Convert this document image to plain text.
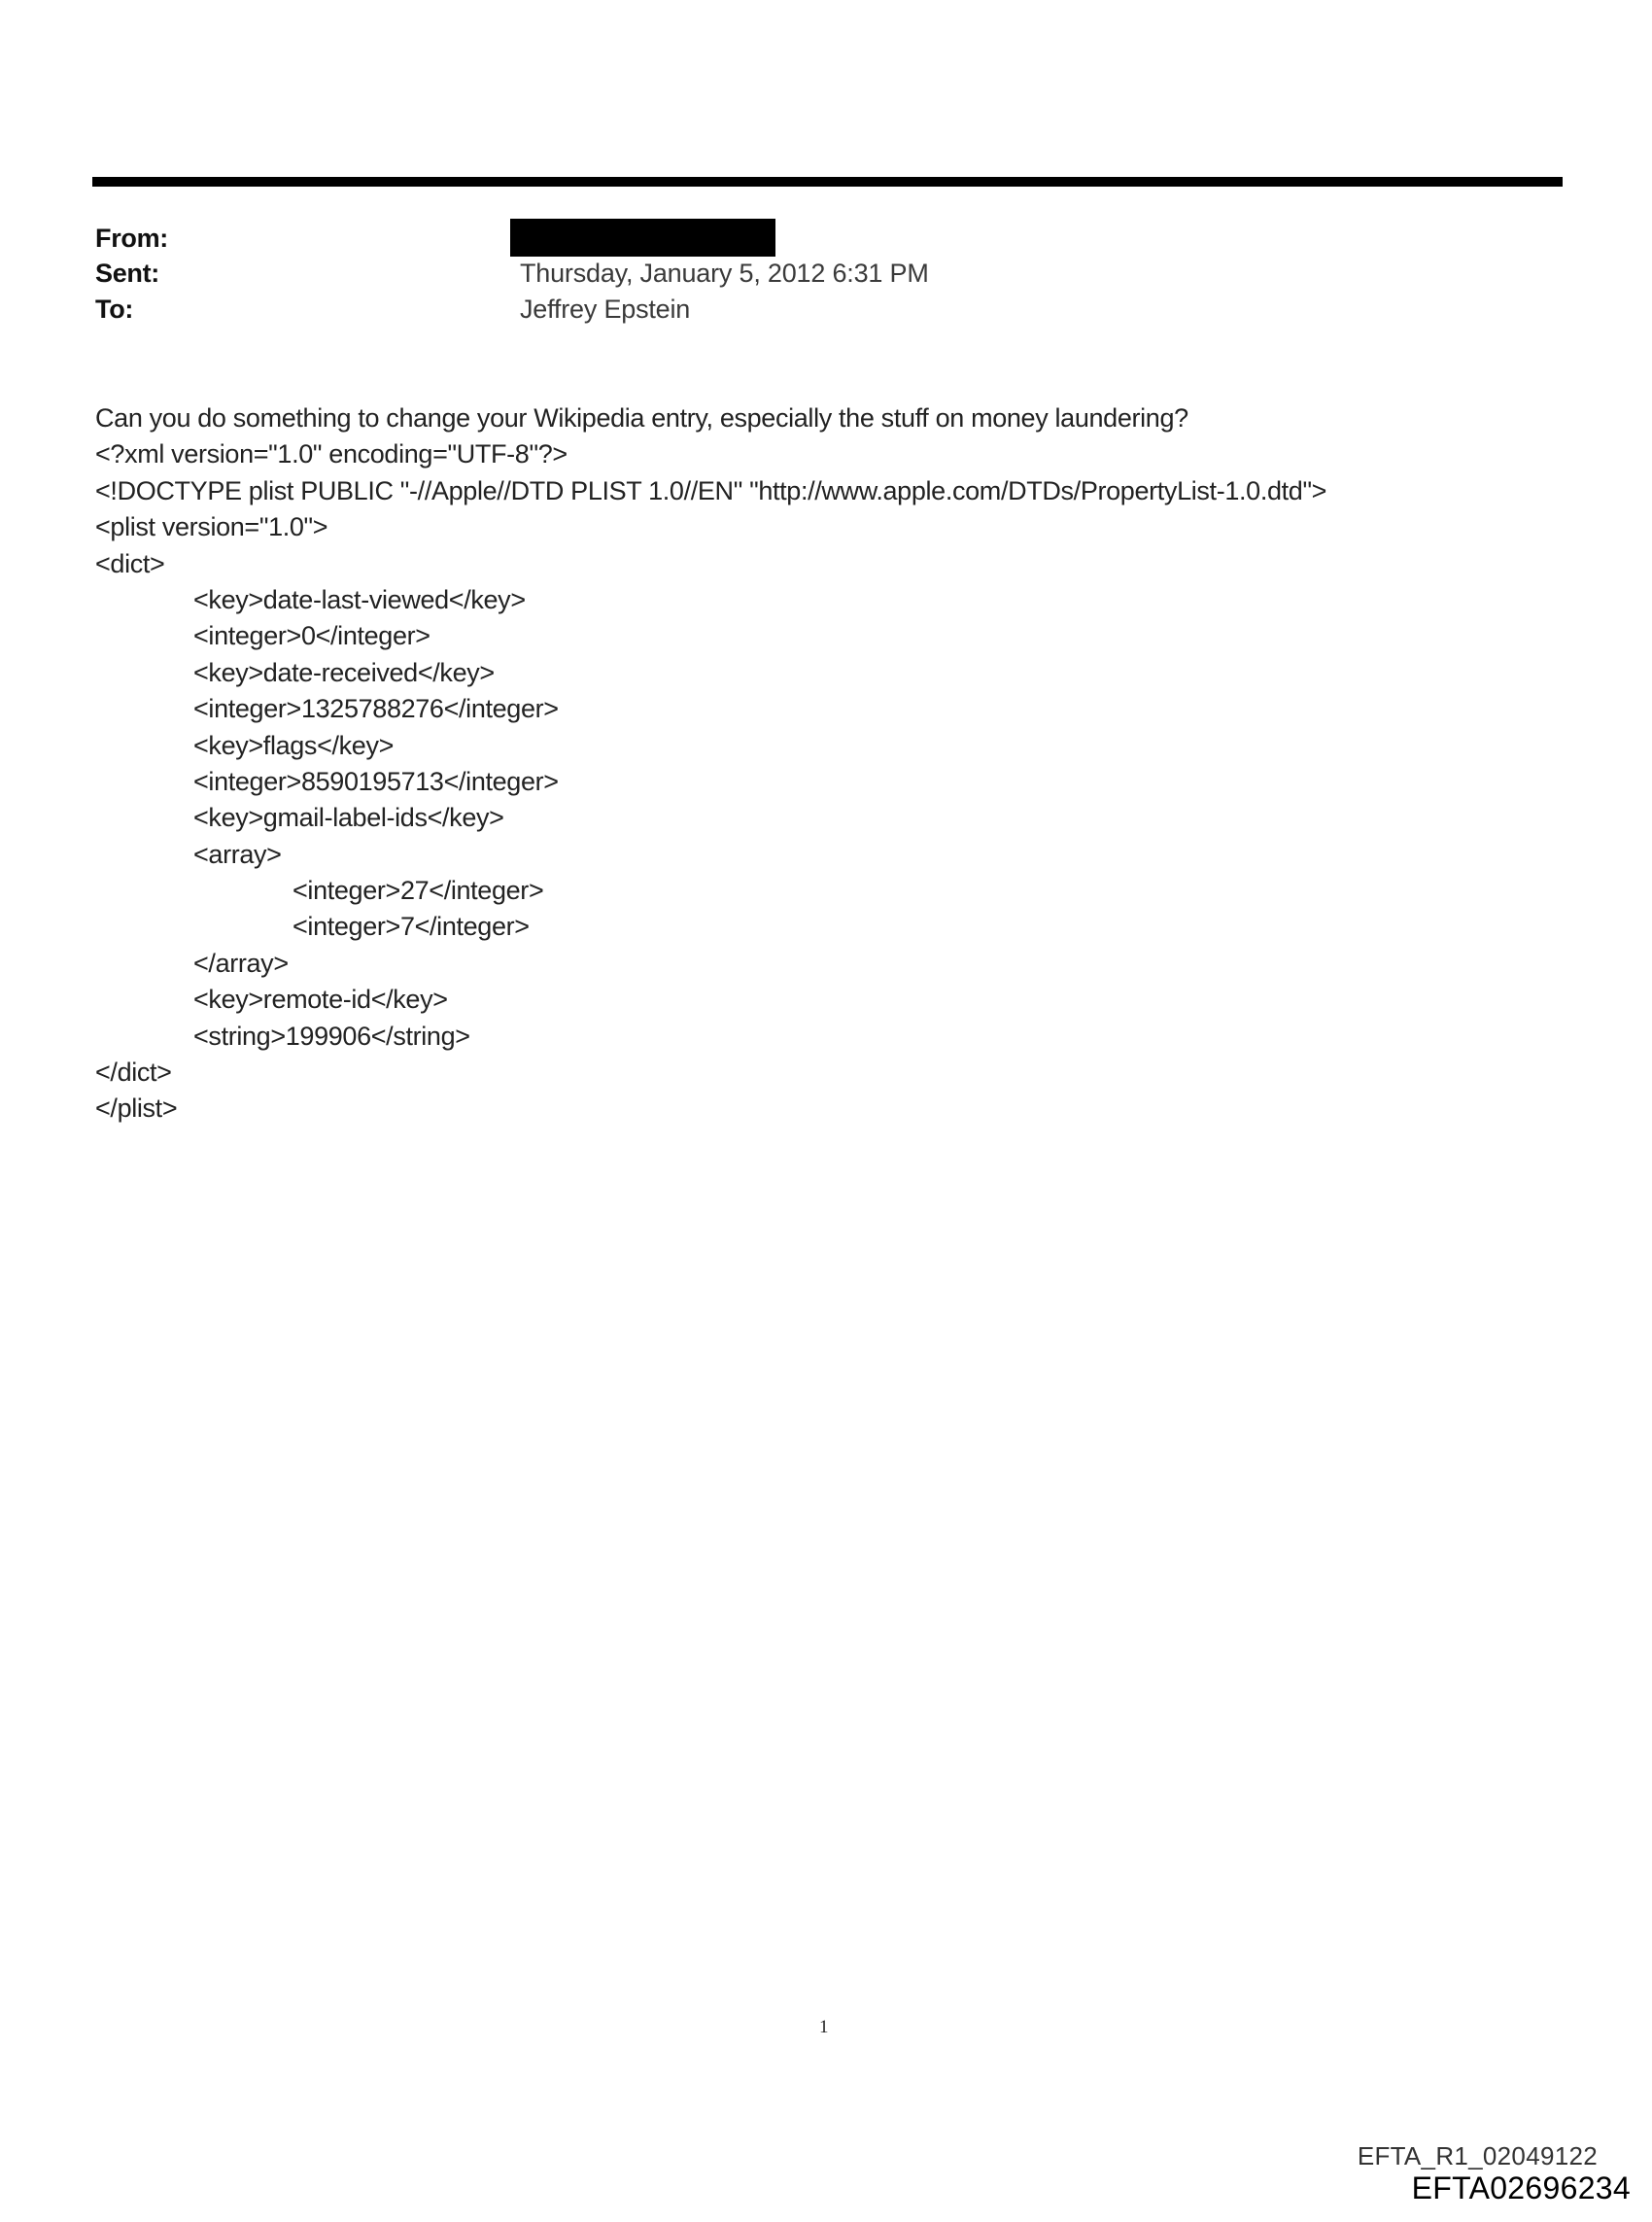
From:
Sent:	Thursday, January 5, 2012 6:31 PM
To:	Jeffrey Epstein
Can you do something to change your Wikipedia entry, especially the stuff on money laundering?
<?xml version="1.0" encoding="UTF-8"?>
<!DOCTYPE plist PUBLIC "-//Apple//DTD PLIST 1.0//EN" "http://www.apple.com/DTDs/PropertyList-1.0.dtd">
<plist version="1.0">
<dict>
<key>date-last-viewed</key>
<integer>0</integer>
<key>date-received</key>
<integer>1325788276</integer>
<key>flags</key>
<integer>8590195713</integer>
<key>gmail-label-ids</key>
<array>
<integer>27</integer>
<integer>7</integer>
</array>
<key>remote-id</key>
<string>199906</string>
</dict>
</plist>
1
EFTA_R1_02049122
EFTA02696234
